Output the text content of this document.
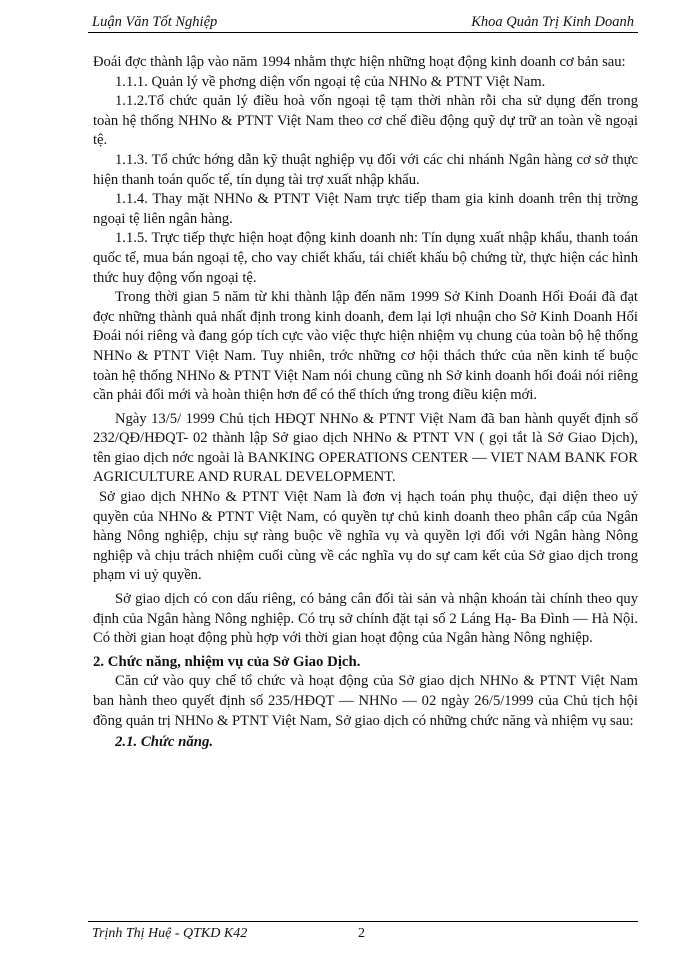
Luận Văn Tốt Nghiệp	Khoa Quản Trị Kinh Doanh

Đoái đợc thành lập vào năm 1994 nhằm thực hiện những hoạt động kinh doanh cơ bản sau:

1.1.1. Quản lý về phơng diện vốn ngoại tệ của NHNo & PTNT Việt Nam.

1.1.2.Tổ chức quản lý điều hoà vốn ngoại tệ tạm thời nhàn rỗi cha sử dụng đến trong toàn hệ thống NHNo & PTNT Việt Nam theo cơ chế điều động quỹ dự trữ an toàn về ngoại tệ.

1.1.3. Tổ chức hớng dẫn kỹ thuật nghiệp vụ đối với các chi nhánh Ngân hàng cơ sở thực hiện thanh toán quốc tế, tín dụng tài trợ xuất nhập khẩu.

1.1.4. Thay mặt NHNo & PTNT Việt Nam trực tiếp tham gia kinh doanh trên thị trờng ngoại tệ liên ngân hàng.

1.1.5. Trực tiếp thực hiện hoạt động kinh doanh nh: Tín dụng xuất nhập khẩu, thanh toán quốc tế, mua bán ngoại tệ, cho vay chiết khấu, tái chiết khấu bộ chứng từ, thực hiện các hình thức huy động vốn ngoại tệ.

Trong thời gian 5 năm từ khi thành lập đến năm 1999 Sở Kinh Doanh Hối Đoái đã đạt đợc những thành quả nhất định trong kinh doanh, đem lại lợi nhuận cho Sở Kinh Doanh Hối Đoái nói riêng và đang góp tích cực vào việc thực hiện nhiệm vụ chung của toàn bộ hệ thống NHNo & PTNT Việt Nam. Tuy nhiên, trớc những cơ hội thách thức của nền kinh tế buộc toàn hệ thống NHNo & PTNT Việt Nam nói chung cũng nh Sở kinh doanh hối đoái nói riêng cần phải đổi mới và hoàn thiện hơn để có thể thích ứng trong điều kiện mới.

Ngày 13/5/ 1999 Chủ tịch HĐQT NHNo & PTNT Việt Nam đã ban hành quyết định số 232/QĐ/HĐQT- 02 thành lập Sở giao dịch NHNo & PTNT VN ( gọi tắt là Sở Giao Dịch), tên giao dịch nớc ngoài là BANKING OPERATIONS CENTER — VIET NAM BANK FOR AGRICULTURE AND RURAL DEVELOPMENT.

Sở giao dịch NHNo & PTNT Việt Nam là đơn vị hạch toán phụ thuộc, đại diện theo uỷ quyền của NHNo & PTNT Việt Nam, có quyền tự chủ kinh doanh theo phân cấp của Ngân hàng Nông nghiệp, chịu sự ràng buộc về nghĩa vụ và quyền lợi đối với Ngân hàng Nông nghiệp và chịu trách nhiệm cuối cùng về các nghĩa vụ do sự cam kết của Sở giao dịch trong phạm vi uỷ quyền.

Sở giao dịch có con dấu riêng, có bảng cân đối tài sản và nhận khoán tài chính theo quy định của Ngân hàng Nông nghiệp. Có trụ sở chính đặt tại số 2 Láng Hạ- Ba Đình — Hà Nội. Có thời gian hoạt động phù hợp với thời gian hoạt động của Ngân hàng Nông nghiệp.

2. Chức năng, nhiệm vụ của Sở Giao Dịch.

Căn cứ vào quy chế tổ chức và hoạt động của Sở giao dịch NHNo & PTNT Việt Nam ban hành theo quyết định số 235/HĐQT — NHNo — 02 ngày 26/5/1999 của Chủ tịch hội đồng quản trị NHNo & PTNT Việt Nam, Sở giao dịch có những chức năng và nhiệm vụ sau:

2.1. Chức năng.
Trịnh Thị Huệ - QTKD K42	2
